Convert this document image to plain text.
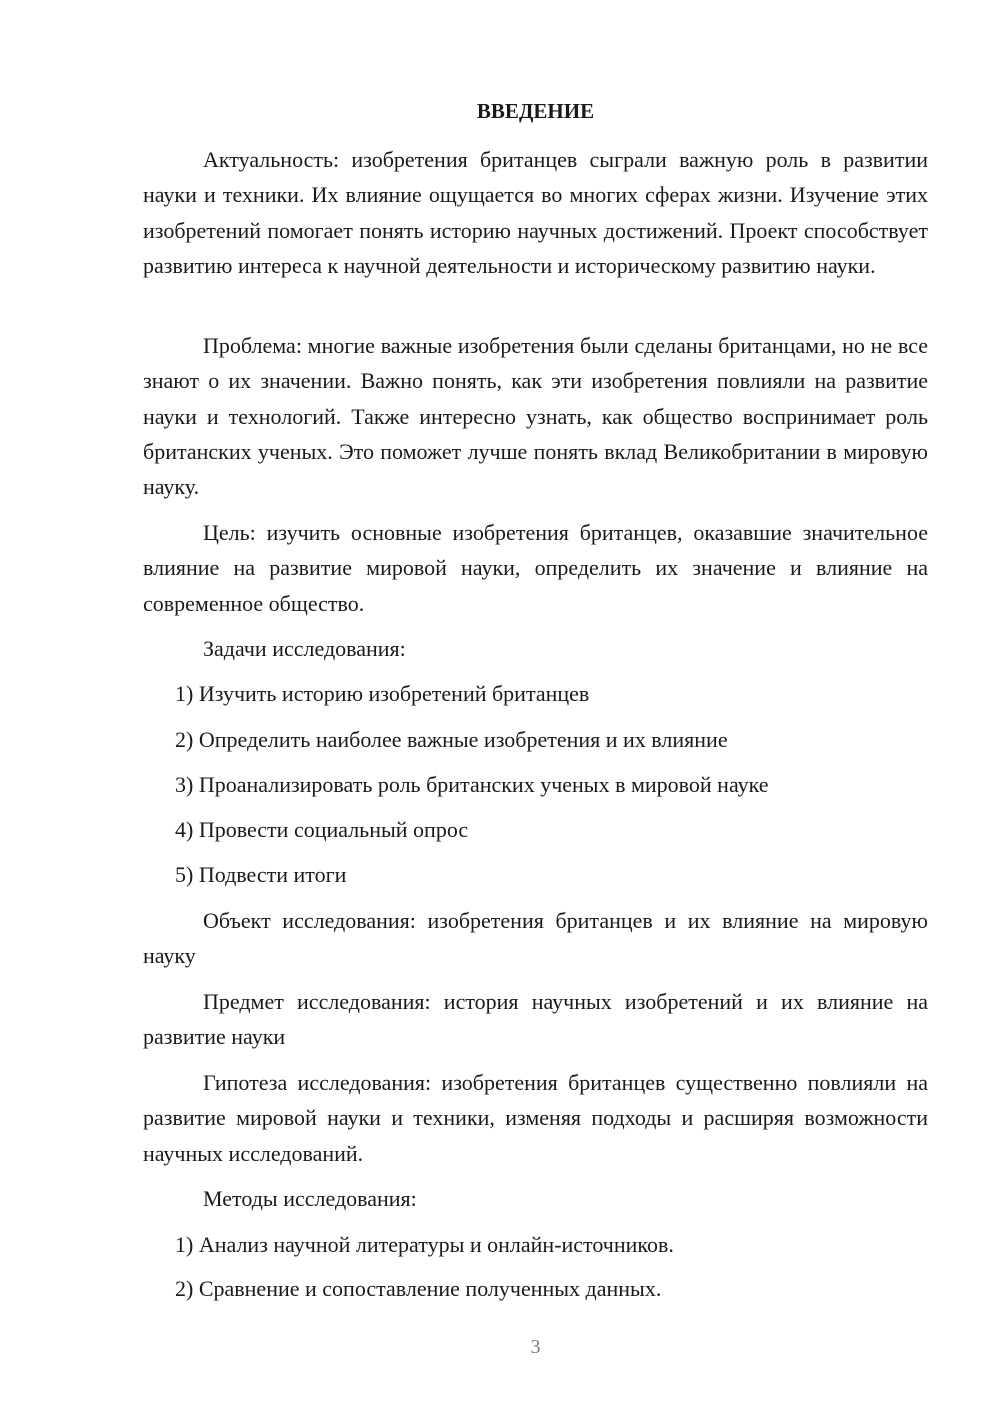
ВВЕДЕНИЕ

Актуальность: изобретения британцев сыграли важную роль в развитии науки и техники. Их влияние ощущается во многих сферах жизни. Изучение этих изобретений помогает понять историю научных достижений. Проект способствует развитию интереса к научной деятельности и историческому развитию науки.

Проблема: многие важные изобретения были сделаны британцами, но не все знают о их значении. Важно понять, как эти изобретения повлияли на развитие науки и технологий. Также интересно узнать, как общество воспринимает роль британских ученых. Это поможет лучше понять вклад Великобритании в мировую науку.

Цель: изучить основные изобретения британцев, оказавшие значительное влияние на развитие мировой науки, определить их значение и влияние на современное общество.

Задачи исследования:

1) Изучить историю изобретений британцев

2) Определить наиболее важные изобретения и их влияние

3) Проанализировать роль британских ученых в мировой науке

4) Провести социальный опрос

5) Подвести итоги

Объект исследования: изобретения британцев и их влияние на мировую науку

Предмет исследования: история научных изобретений и их влияние на развитие науки

Гипотеза исследования: изобретения британцев существенно повлияли на развитие мировой науки и техники, изменяя подходы и расширяя возможности научных исследований.

Методы исследования:

1) Анализ научной литературы и онлайн-источников.

2) Сравнение и сопоставление полученных данных.

3
